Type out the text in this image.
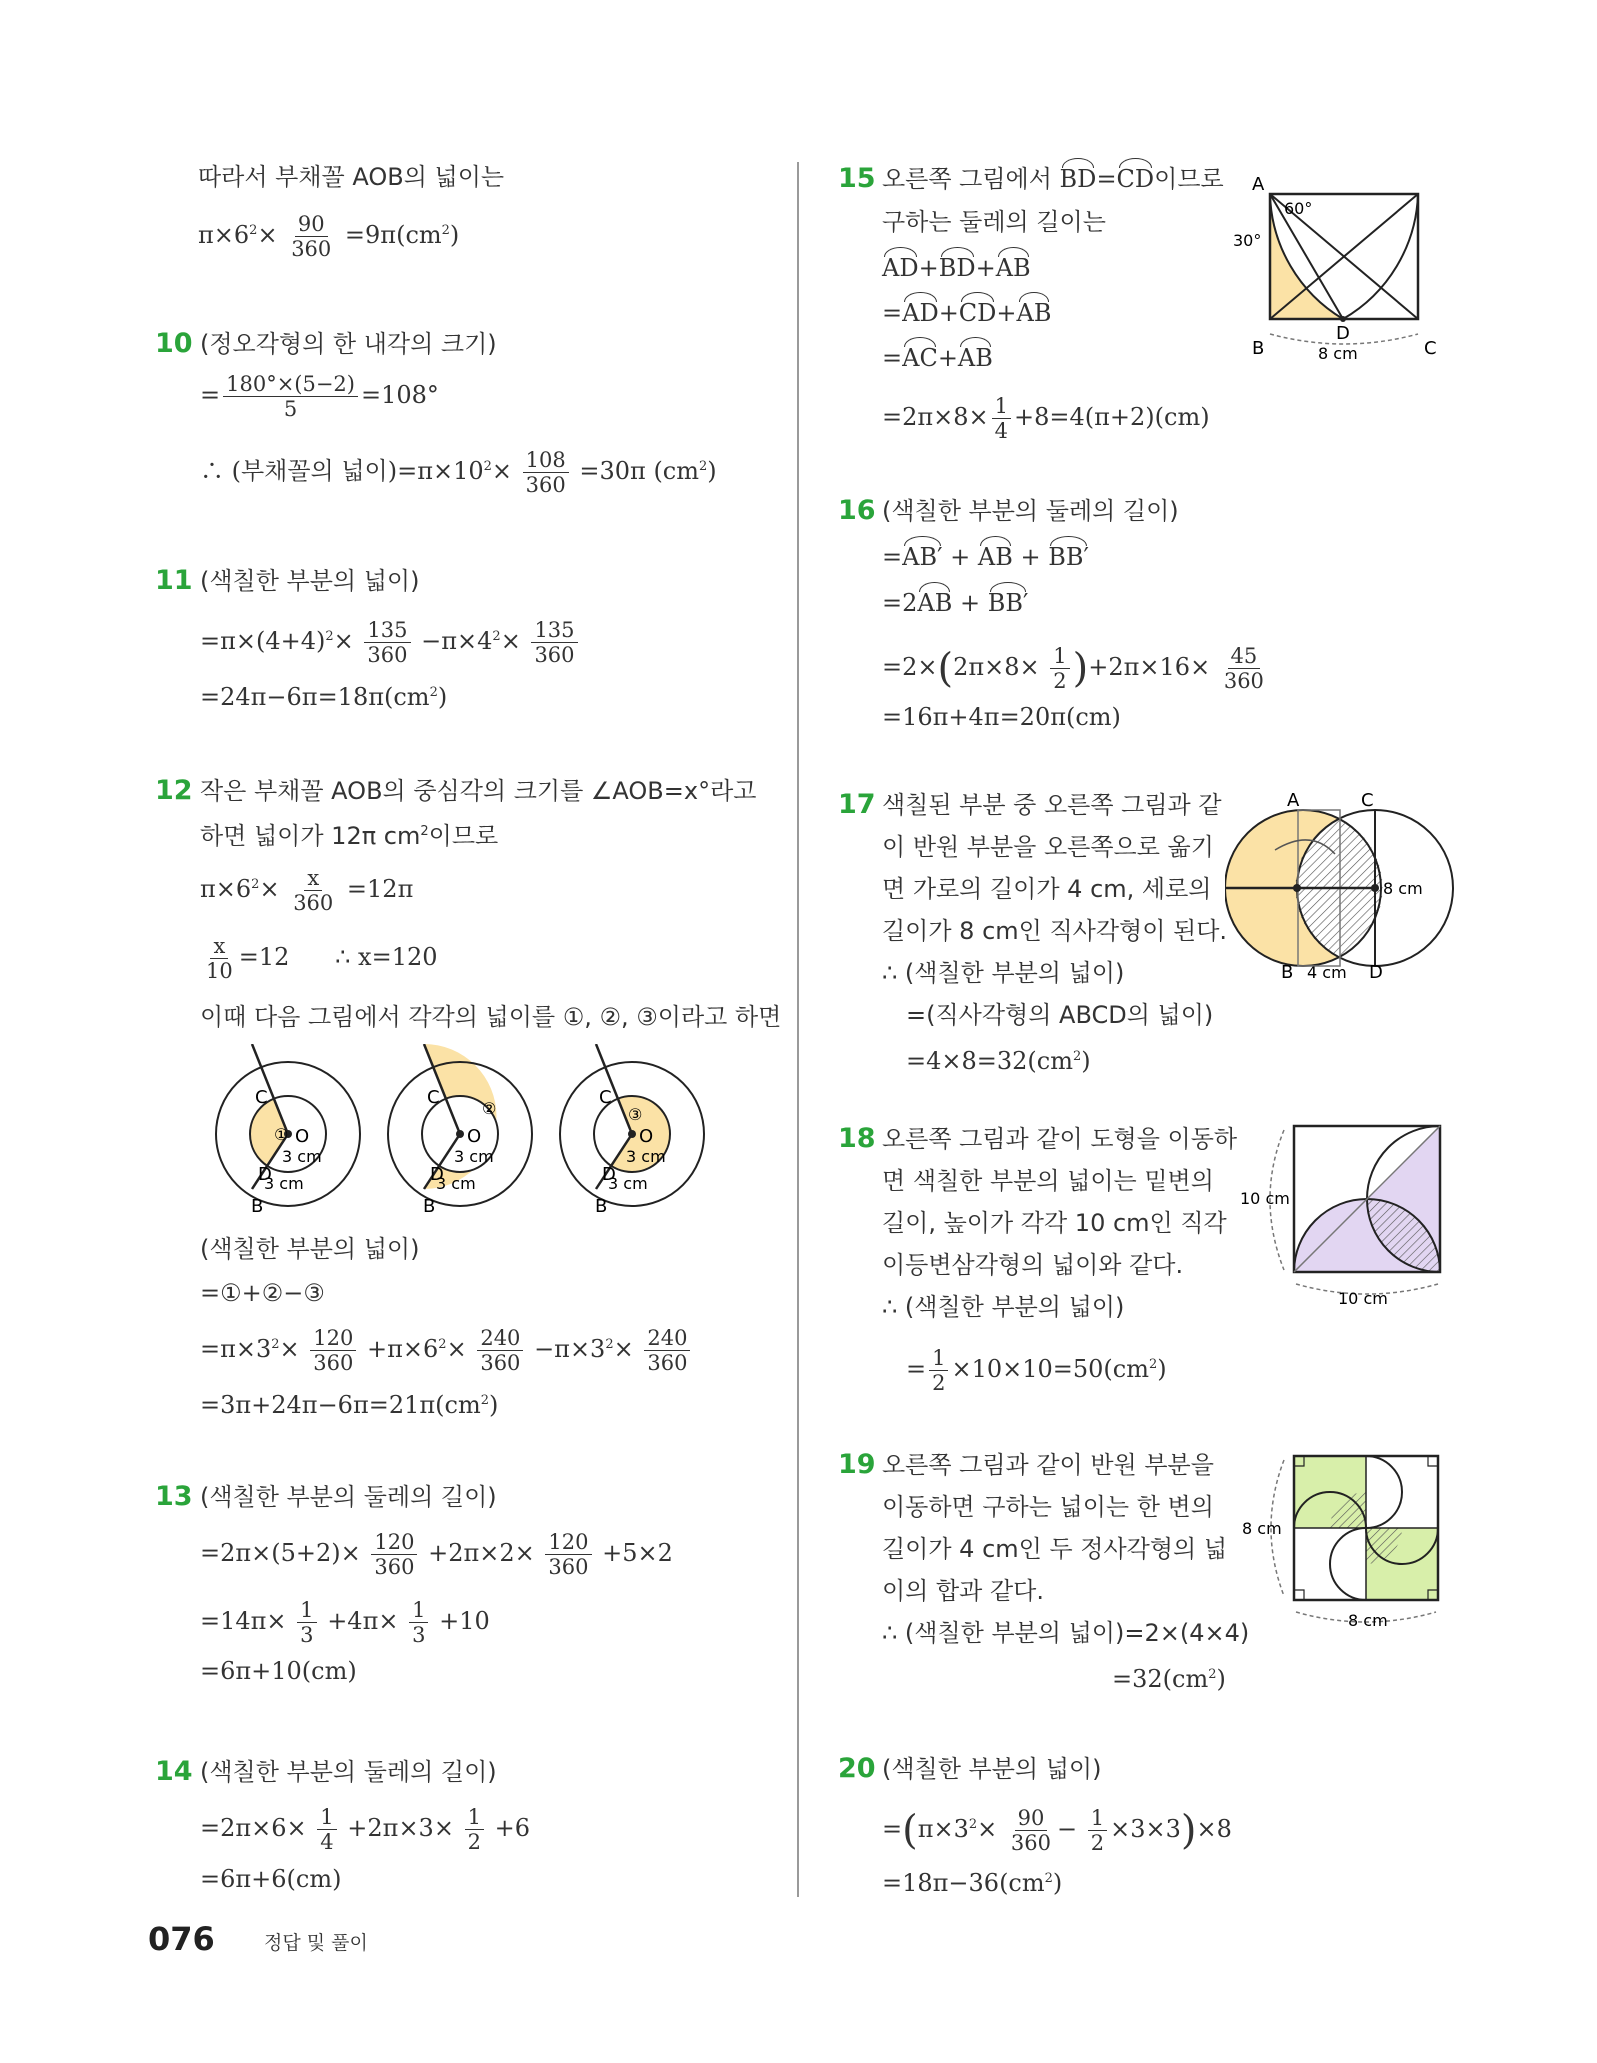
따라서 부채꼴 AOB의 넓이는
$\pi\times 6^2\times \frac{90}{360} =9\pi(cm^2)$
10 (정오각형의 한 내각의 크기)
= $\frac{180^\circ\times(5-2)}{5} =108^\circ$
∴ (부채꼴의 넓이)$=\pi\times 10^2\times \frac{108}{360} =30\pi$ $(cm^2)$
11 (색칠한 부분의 넓이)
$=\pi\times(4+4)^2\times \frac{135}{360} -\pi\times 4^2\times \frac{135}{360}$
$=24\pi-6\pi=18\pi(cm^2)$
12 작은 부채꼴 AOB의 중심각의 크기를 ∠AOB=x°라고
하면 넓이가 12π $cm^2$이므로
$\pi\times 6^2\times \frac{x}{360} =12\pi$
$\frac{x}{10} =12$      ∴ x=120
이때 다음 그림에서 각각의 넓이를 ①, ②, ③이라고 하면
C
D
B
O
①
3 cm
3 cm
C
D
B
O
②
3 cm
3 cm
C
D
B
O
③
3 cm
3 cm
(색칠한 부분의 넓이)
=①+②−③
$=\pi\times 3^2\times \frac{120}{360} +\pi\times 6^2\times \frac{240}{360} -\pi\times 3^2\times \frac{240}{360}$
$=3\pi+24\pi-6\pi=21\pi(cm^2)$
13 (색칠한 부분의 둘레의 길이)
$=2\pi\times(5+2)\times \frac{120}{360} +2\pi\times 2\times \frac{120}{360} +5\times 2$
$=14\pi\times \frac{1}{3} +4\pi\times \frac{1}{3} +10$
=6π+10(cm)
14 (색칠한 부분의 둘레의 길이)
$=2\pi\times 6\times \frac{1}{4} +2\pi\times 3\times \frac{1}{2} +6$
=6π+6(cm)
15 오른쪽 그림에서 BD=CD이므로
구하는 둘레의 길이는
AD+BD+AB
=AD+CD+AB
=AC+AB
$=2\pi\times 8\times \frac{1}{4} +8=4(\pi+2)(cm)$
A
60°
30°
B	C
D
8 cm
16 (색칠한 부분의 둘레의 길이)
=AB′ + AB + BB′
=2AB + BB′
$=2\times(2\pi\times 8\times \frac{1}{2} )+2\pi\times 16\times \frac{45}{360}$
=16π+4π=20π(cm)
17 색칠된 부분 중 오른쪽 그림과 같
이 반원 부분을 오른쪽으로 옮기
면 가로의 길이가 4 cm, 세로의
길이가 8 cm인 직사각형이 된다.
∴ (색칠한 부분의 넓이)
=(직사각형의 ABCD의 넓이)
$=4\times 8=32(cm^2)$
A	C
B	D
4 cm
8 cm
18 오른쪽 그림과 같이 도형을 이동하
면 색칠한 부분의 넓이는 밑변의
길이, 높이가 각각 10 cm인 직각
이등변삼각형의 넓이와 같다.
∴ (색칠한 부분의 넓이)
= $\frac{1}{2} \times 10\times 10=50(cm^2)$
10 cm
10 cm
19 오른쪽 그림과 같이 반원 부분을
이동하면 구하는 넓이는 한 변의
길이가 4 cm인 두 정사각형의 넓
이의 합과 같다.
∴ (색칠한 부분의 넓이)=2×(4×4)
$=32(cm^2)$
8 cm
8 cm
20 (색칠한 부분의 넓이)
$=(\pi\times 3^2\times \frac{90}{360} - \frac{1}{2} \times 3\times 3)\times 8$
$=18\pi-36(cm^2)$
076	정답 및 풀이
